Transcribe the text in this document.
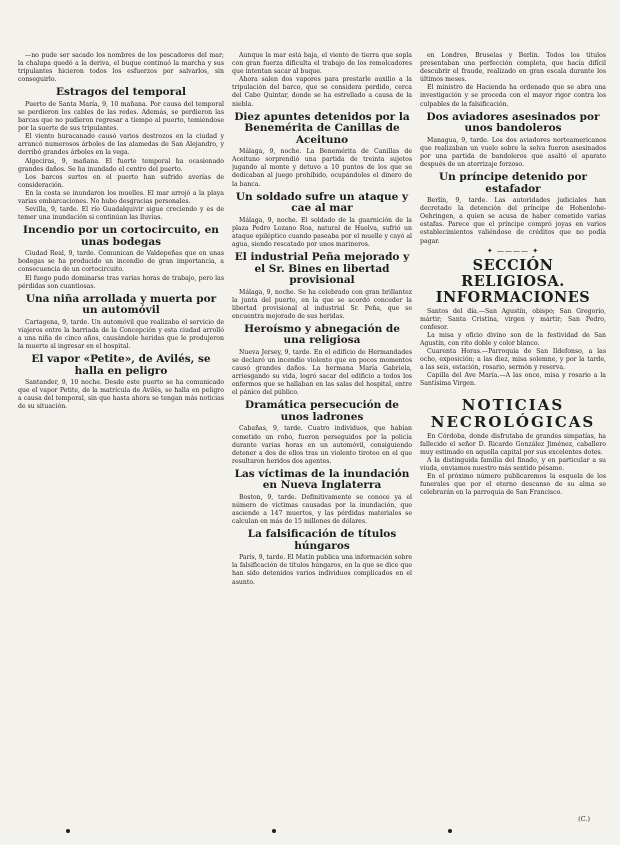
—no pude ser sacado los nombres de los pescadores del mar; la chalupa quedó a la deriva, el buque continuó la marcha y sus tripulantes hicieron todos los esfuerzos por salvarlos, sin conseguirlo.

Estragos del temporal

Puerto de Santa María, 9, 10 mañana. Por causa del temporal se perdieron los cables de las redes. Además, se perdieron las barcas que no pudieron regresar a tiempo al puerto, temiéndose por la suerte de sus tripulantes.

El viento huracanado causó varios destrozos en la ciudad y arrancó numerosos árboles de las alamedas de San Alejandro, y derribó grandes árboles en la vega.

Algeciras, 9, mañana. El fuerte temporal ha ocasionado grandes daños. Se ha inundado el centro del puerto.

Los barcos surtos en el puerto han sufrido averías de consideración.

En la costa se inundaron los muelles. El mar arrojó a la playa varias embarcaciones. No hubo desgracias personales.

Sevilla, 9, tarde. El río Guadalquivir sigue creciendo y es de temer una inundación si continúan las lluvias.

Incendio por un cortocircuito, en unas bodegas

Ciudad Real, 9, tarde. Comunican de Valdepeñas que en unas bodegas se ha producido un incendio de gran importancia, a consecuencia de un cortocircuito.

El fuego pudo dominarse tras varias horas de trabajo, pero las pérdidas son cuantiosas.

Una niña arrollada y muerta por un automóvil

Cartagena, 9, tarde. Un automóvil que realizaba el servicio de viajeros entre la barriada de la Concepción y esta ciudad arrolló a una niña de cinco años, causándole heridas que le produjeron la muerte al ingresar en el hospital.

El vapor «Petite», de Avilés, se halla en peligro

Santander, 9, 10 noche. Desde este puerto se ha comunicado que el vapor Petite, de la matrícula de Avilés, se halla en peligro a causa del temporal, sin que hasta ahora se tengan más noticias de su situación.

Aunque la mar está baja, el viento de tierra que sopla con gran fuerza dificulta el trabajo de los remolcadores que intentan sacar al buque.

Ahora salen dos vapores para prestarle auxilio a la tripulación del barco, que se considera perdido, cerca del Cabo Quintar, donde se ha estrellado a causa de la niebla.

Diez apuntes detenidos por la Benemérita de Canillas de Aceituno

Málaga, 9, noche. La Benemérita de Canillas de Aceituno sorprendió una partida de treinta sujetos jugando al monte y detuvo a 10 puntos de los que se dedicaban al juego prohibido, ocupándoles el dinero de la banca.

Un soldado sufre un ataque y cae al mar

Málaga, 9, noche. El soldado de la guarnición de la plaza Pedro Lozano Roa, natural de Huelva, sufrió un ataque epiléptico cuando paseaba por el muelle y cayó al agua, siendo rescatado por unos marineros.

El industrial Peña mejorado y el Sr. Bines en libertad provisional

Málaga, 9, noche. Se ha celebrado con gran brillantez la junta del puerto, en la que se acordó conceder la libertad provisional al industrial Sr. Peña, que se encuentra mejorado de sus heridas.

Heroísmo y abnegación de una religiosa

Nueva Jersey, 9, tarde. En el edificio de Hermandades se declaró un incendio violento que en pocos momentos causó grandes daños. La hermana María Gabriela, arriesgando su vida, logró sacar del edificio a todos los enfermos que se hallaban en las salas del hospital, entre el pánico del público.

Dramática persecución de unos ladrones

Cabañas, 9, tarde. Cuatro individuos, que habían cometido un robo, fueron perseguidos por la policía durante varias horas en un automóvil, consiguiendo detener a dos de ellos tras un violento tiroteo en el que resultaron heridos dos agentes.

Las víctimas de la inundación en Nueva Inglaterra

Boston, 9, tarde. Definitivamente se conoce ya el número de víctimas causadas por la inundación, que asciende a 147 muertos, y las pérdidas materiales se calculan en más de 15 millones de dólares.

La falsificación de títulos húngaros

París, 9, tarde. El Matín publica una información sobre la falsificación de títulos húngaros, en la que se dice que han sido detenidos varios individuos complicados en el asunto.

en Londres, Bruselas y Berlín. Todos los títulos presentaban una perfección completa, que hacía difícil descubrir el fraude, realizado en gran escala durante los últimos meses.

El ministro de Hacienda ha ordenado que se abra una investigación y se proceda con el mayor rigor contra los culpables de la falsificación.

Dos aviadores asesinados por unos bandoleros

Managua, 9, tarde. Los dos aviadores norteamericanos que realizaban un vuelo sobre la selva fueron asesinados por una partida de bandoleros que asaltó el aparato después de un aterrizaje forzoso.

Un príncipe detenido por estafador

Berlín, 9, tarde. Las autoridades judiciales han decretado la detención del príncipe de Hohenlohe-Oehringen, a quien se acusa de haber cometido varias estafas. Parece que el príncipe compró joyas en varios establecimientos valiéndose de créditos que no podía pagar.

✦ ———— ✦
SECCIÓN RELIGIOSA. INFORMACIONES

Santos del día.—San Agustín, obispo; San Gregorio, mártir; Santa Cristina, virgen y mártir; San Pedro, confesor.

La misa y oficio divino son de la festividad de San Agustín, con rito doble y color blanco.

Cuarenta Horas.—Parroquia de San Ildefonso, a las ocho, exposición; a las diez, misa solemne, y por la tarde, a las seis, estación, rosario, sermón y reserva.

Capilla del Ave María.—A las once, misa y rosario a la Santísima Virgen.

NOTICIAS NECROLÓGICAS

En Córdoba, donde disfrutaba de grandes simpatías, ha fallecido el señor D. Ricardo González Jiménez, caballero muy estimado en aquella capital por sus excelentes dotes.

A la distinguida familia del finado, y en particular a su viuda, enviamos nuestro más sentido pésame.

En el próximo número publicaremos la esquela de los funerales que por el eterno descanso de su alma se celebrarán en la parroquia de San Francisco.

(C.)
